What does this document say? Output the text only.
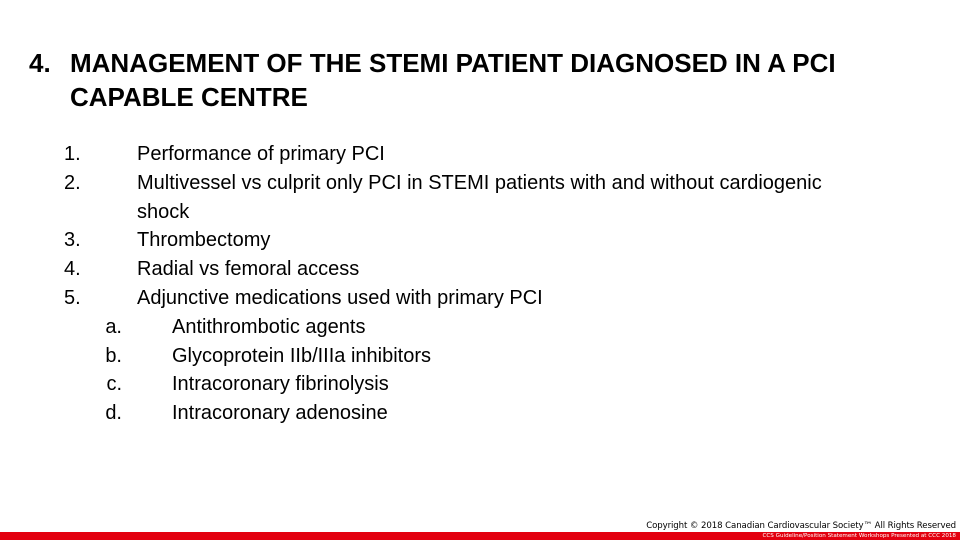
4. MANAGEMENT OF THE STEMI PATIENT DIAGNOSED IN A PCI CAPABLE CENTRE
1.	Performance of primary PCI
2.	Multivessel vs culprit only PCI in STEMI patients with and without cardiogenic shock
3.	Thrombectomy
4.	Radial vs femoral access
5.	Adjunctive medications used with primary PCI
a.	Antithrombotic agents
b.	Glycoprotein IIb/IIIa inhibitors
c.	Intracoronary fibrinolysis
d.	Intracoronary adenosine
Copyright © 2018 Canadian Cardiovascular Society™ All Rights Reserved
CCS Guideline/Position Statement Workshops Presented at CCC 2018
